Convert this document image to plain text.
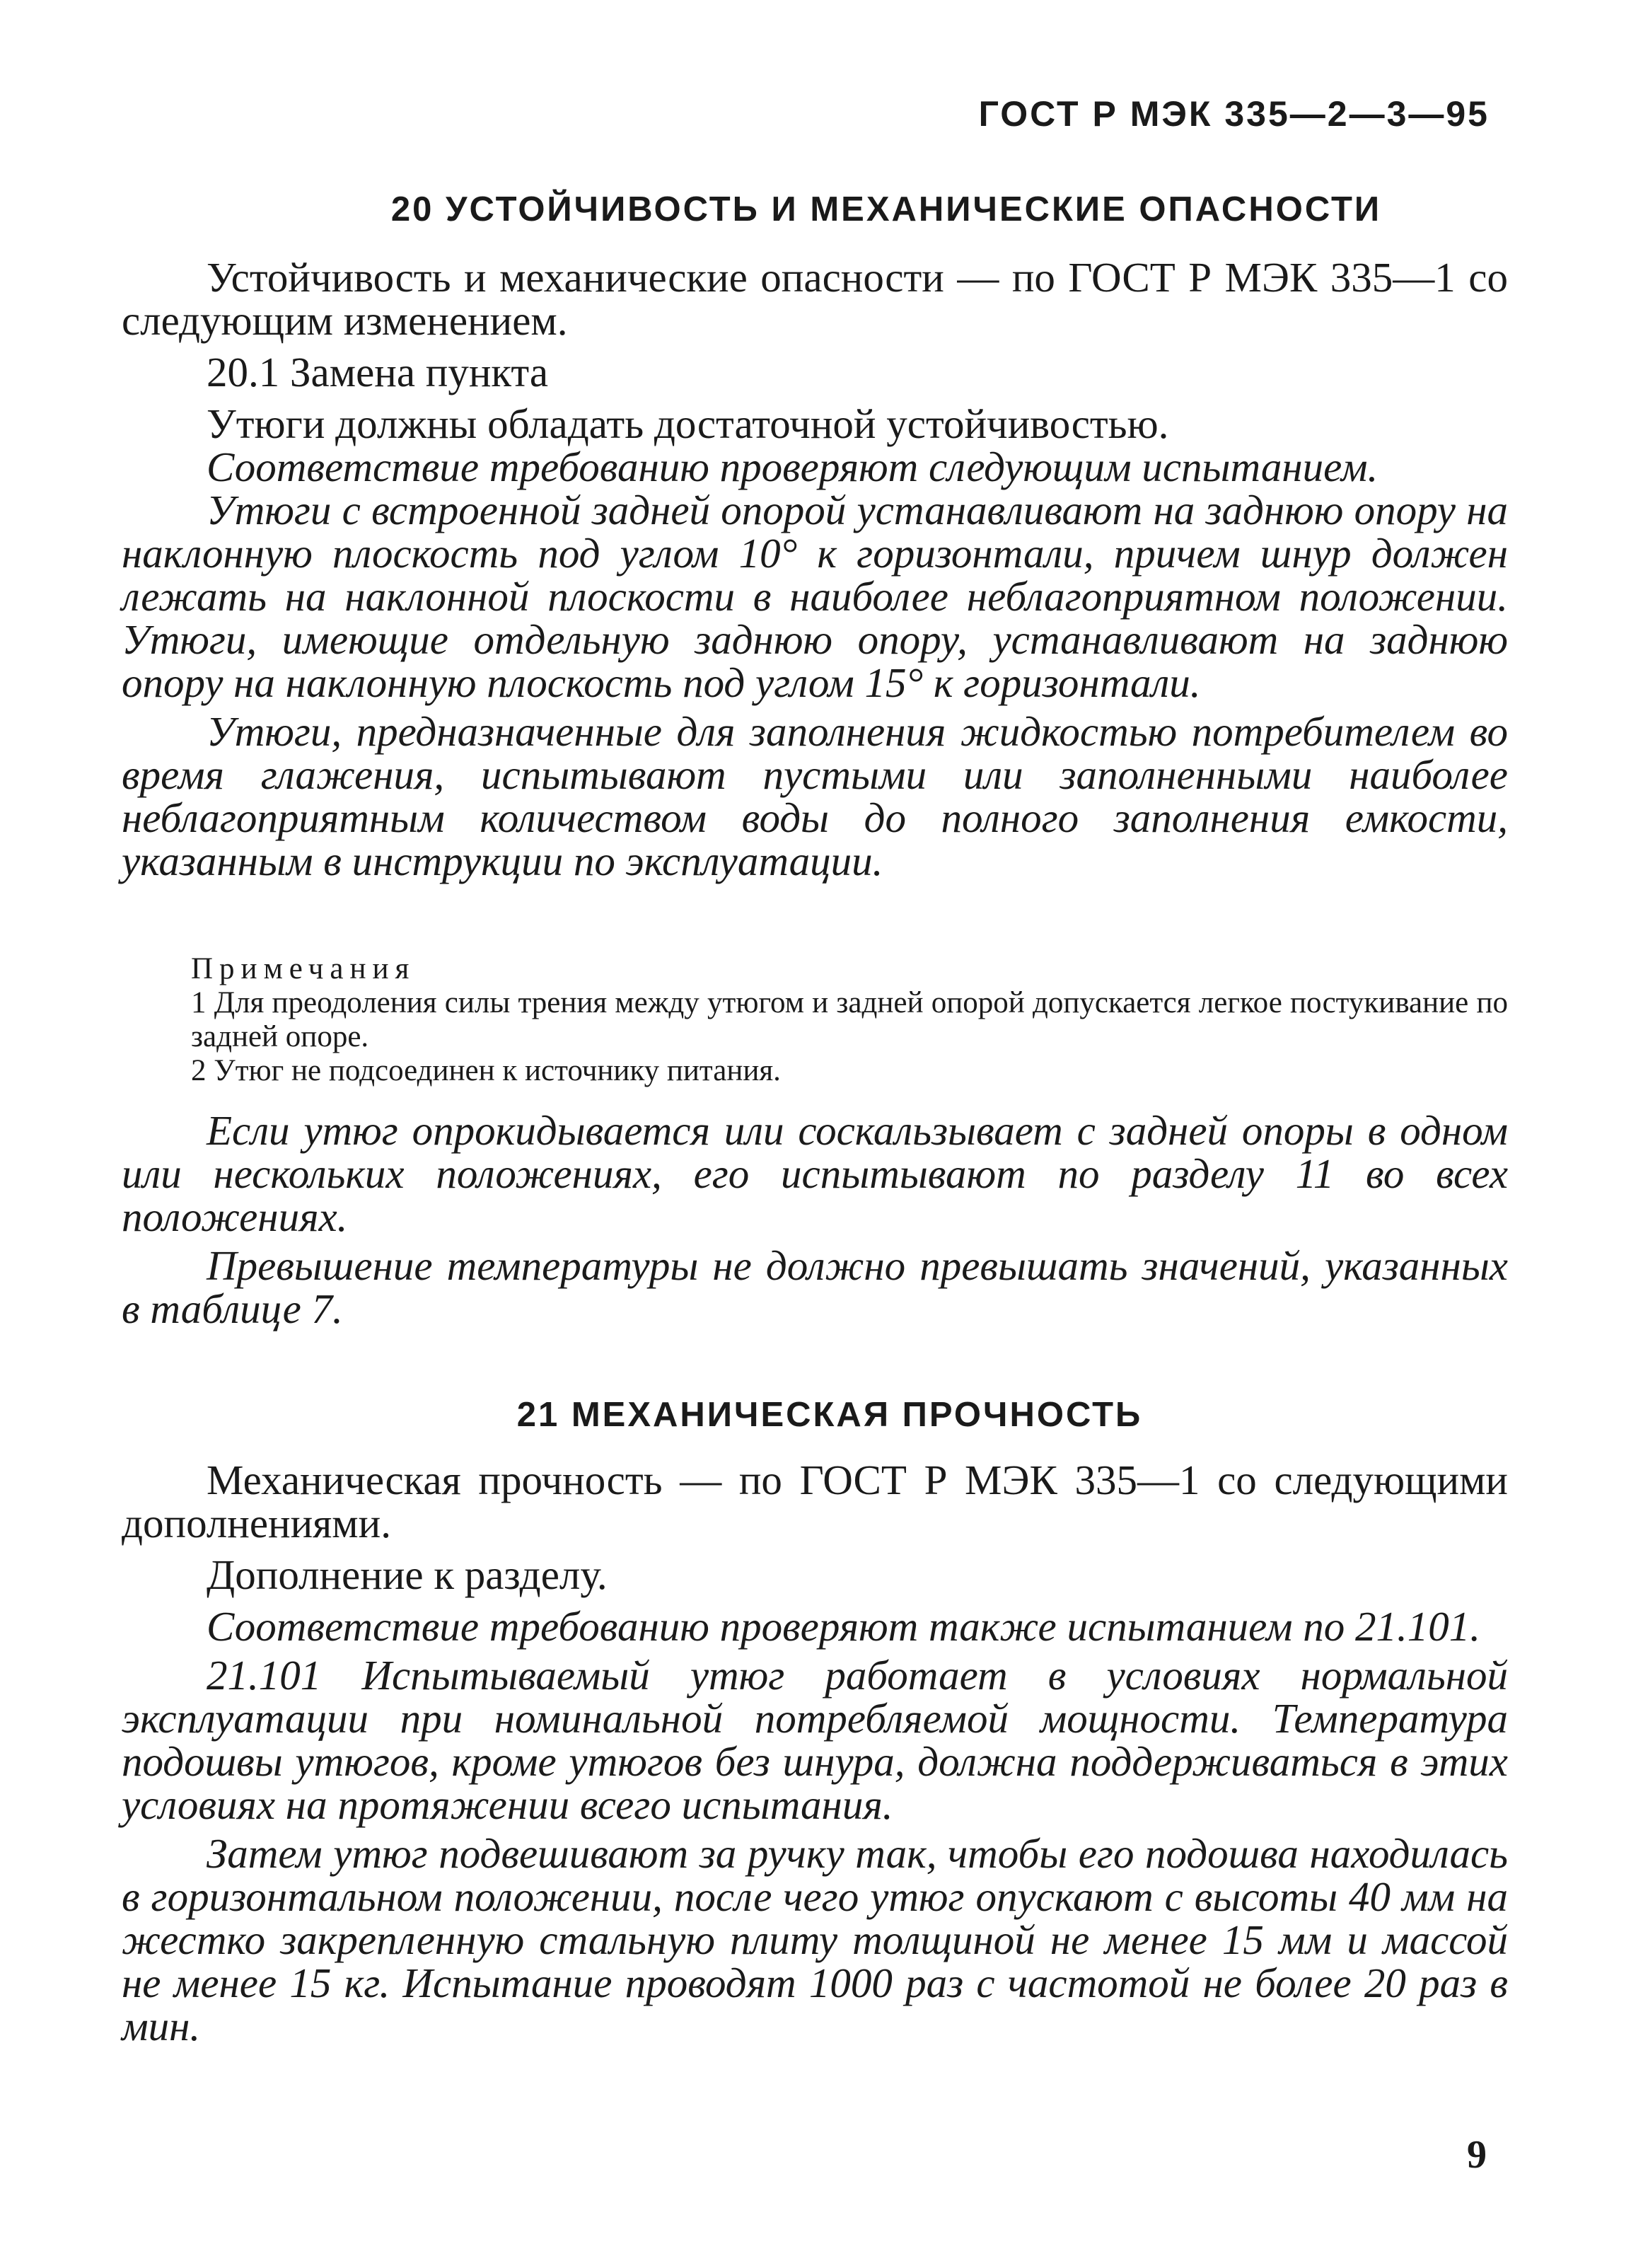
ГОСТ Р МЭК 335—2—3—95
20 УСТОЙЧИВОСТЬ И МЕХАНИЧЕСКИЕ ОПАСНОСТИ
Устойчивость и механические опасности — по ГОСТ Р МЭК 335—1 со следующим изменением.
20.1 Замена пункта
Утюги должны обладать достаточной устойчивостью.
Соответствие требованию проверяют следующим испытанием.
Утюги с встроенной задней опорой устанавливают на заднюю опору на наклонную плоскость под углом 10° к горизонтали, причем шнур должен лежать на наклонной плоскости в наиболее неблагоприятном положении. Утюги, имеющие отдельную заднюю опору, устанавливают на заднюю опору на наклонную плоскость под углом 15° к горизонтали.
Утюги, предназначенные для заполнения жидкостью потребителем во время глажения, испытывают пустыми или заполненными наиболее неблагоприятным количеством воды до полного заполнения емкости, указанным в инструкции по эксплуатации.
Примечания
1 Для преодоления силы трения между утюгом и задней опорой допускается легкое постукивание по задней опоре.
2 Утюг не подсоединен к источнику питания.
Если утюг опрокидывается или соскальзывает с задней опоры в одном или нескольких положениях, его испытывают по разделу 11 во всех положениях.
Превышение температуры не должно превышать значений, указанных в таблице 7.
21 МЕХАНИЧЕСКАЯ ПРОЧНОСТЬ
Механическая прочность — по ГОСТ Р МЭК 335—1 со следующими дополнениями.
Дополнение к разделу.
Соответствие требованию проверяют также испытанием по 21.101.
21.101 Испытываемый утюг работает в условиях нормальной эксплуатации при номинальной потребляемой мощности. Температура подошвы утюгов, кроме утюгов без шнура, должна поддерживаться в этих условиях на протяжении всего испытания.
Затем утюг подвешивают за ручку так, чтобы его подошва находилась в горизонтальном положении, после чего утюг опускают с высоты 40 мм на жестко закрепленную стальную плиту толщиной не менее 15 мм и массой не менее 15 кг. Испытание проводят 1000 раз с частотой не более 20 раз в мин.
9
